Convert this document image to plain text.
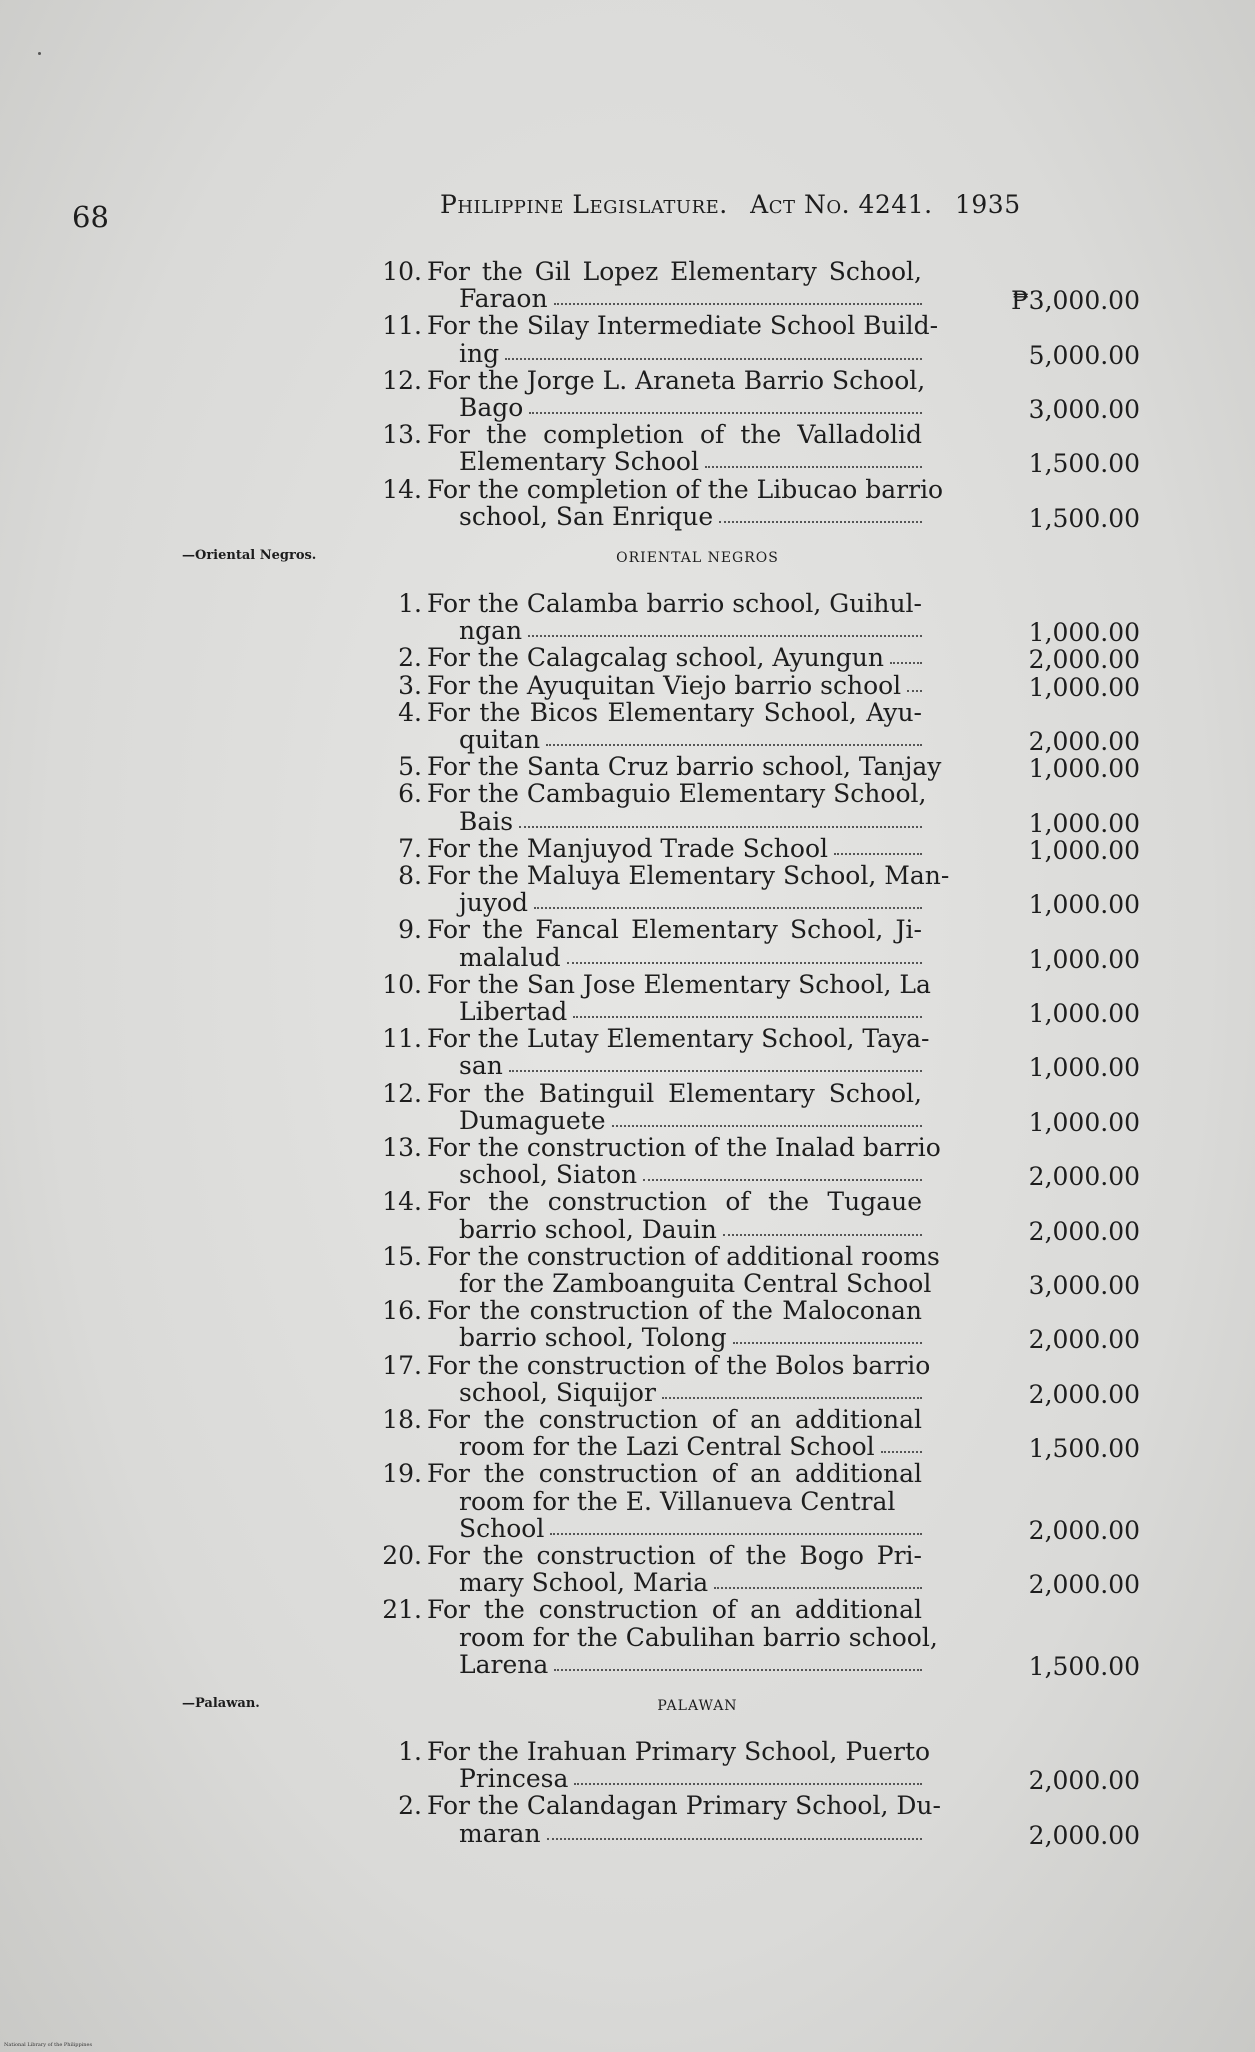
68	Philippine Legislature. Act No. 4241. 1935
10. For the Gil Lopez Elementary School,
Faraon	₱3,000.00
11. For the Silay Intermediate School Build-
ing	5,000.00
12. For the Jorge L. Araneta Barrio School,
Bago	3,000.00
13. For the completion of the Valladolid
Elementary School	1,500.00
14. For the completion of the Libucao barrio
school, San Enrique	1,500.00
—Oriental Negros.	ORIENTAL NEGROS
1. For the Calamba barrio school, Guihul-
ngan	1,000.00
2. For the Calagcalag school, Ayungun	2,000.00
3. For the Ayuquitan Viejo barrio school	1,000.00
4. For the Bicos Elementary School, Ayu-
quitan	2,000.00
5. For the Santa Cruz barrio school, Tanjay	1,000.00
6. For the Cambaguio Elementary School,
Bais	1,000.00
7. For the Manjuyod Trade School	1,000.00
8. For the Maluya Elementary School, Man-
juyod	1,000.00
9. For the Fancal Elementary School, Ji-
malalud	1,000.00
10. For the San Jose Elementary School, La
Libertad	1,000.00
11. For the Lutay Elementary School, Taya-
san	1,000.00
12. For the Batinguil Elementary School,
Dumaguete	1,000.00
13. For the construction of the Inalad barrio
school, Siaton	2,000.00
14. For the construction of the Tugaue
barrio school, Dauin	2,000.00
15. For the construction of additional rooms
for the Zamboanguita Central School	3,000.00
16. For the construction of the Maloconan
barrio school, Tolong	2,000.00
17. For the construction of the Bolos barrio
school, Siquijor	2,000.00
18. For the construction of an additional
room for the Lazi Central School	1,500.00
19. For the construction of an additional
room for the E. Villanueva Central
School	2,000.00
20. For the construction of the Bogo Pri-
mary School, Maria	2,000.00
21. For the construction of an additional
room for the Cabulihan barrio school,
Larena	1,500.00
—Palawan.	PALAWAN
1. For the Irahuan Primary School, Puerto
Princesa	2,000.00
2. For the Calandagan Primary School, Du-
maran	2,000.00
National Library of the Philippines
